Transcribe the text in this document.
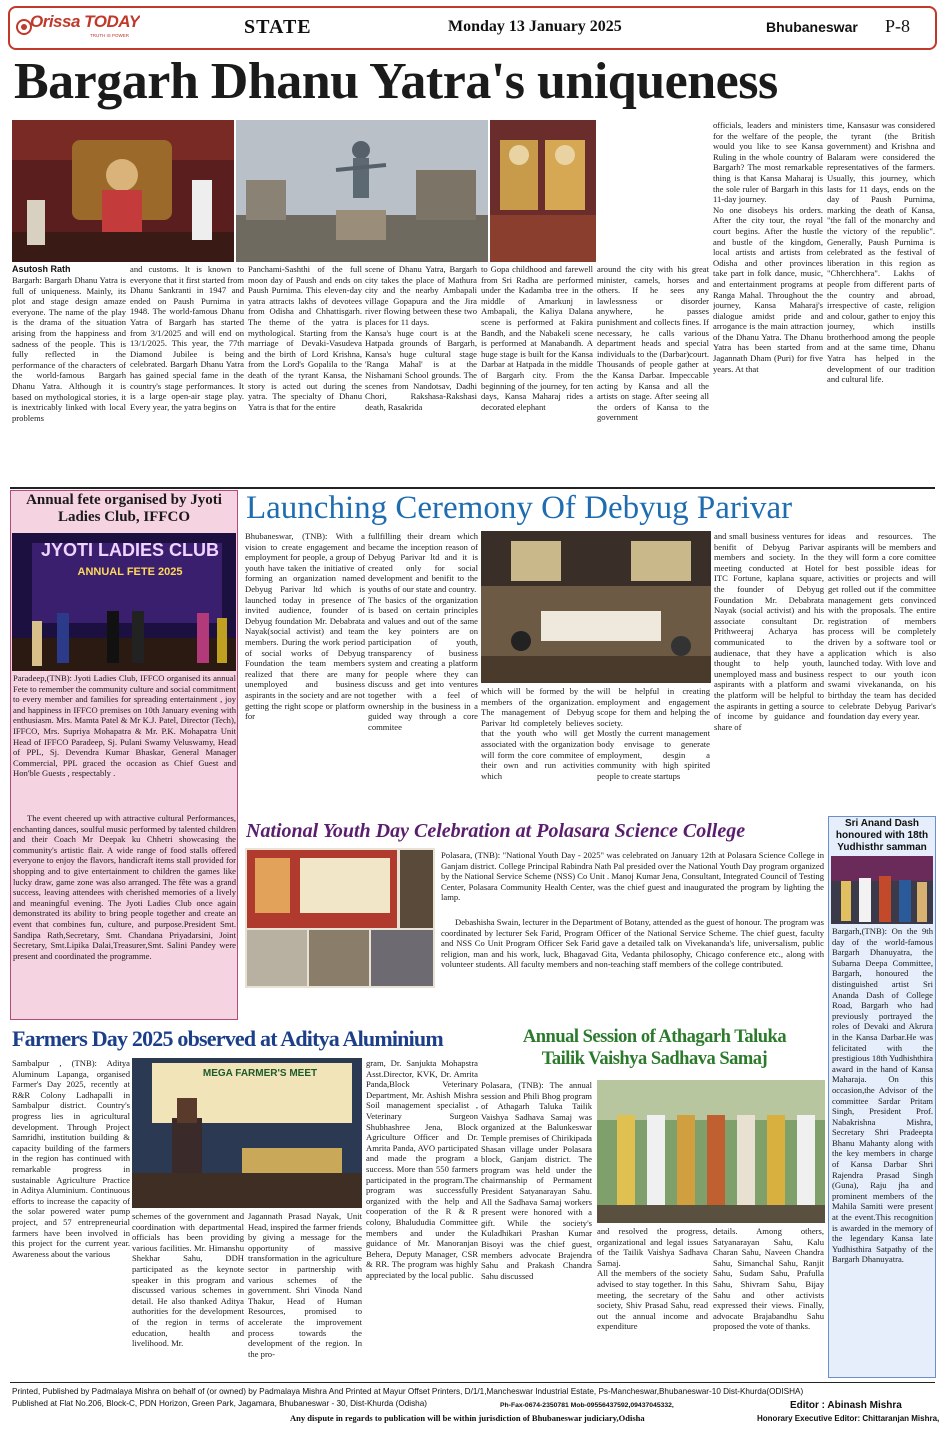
Orissa TODAY
TRUTH IS POWER	STATE	Monday 13 January 2025	Bhubaneswar P-8
Bargarh Dhanu Yatra's uniqueness
Asutosh Rath
Bargarh: Bargarh Dhanu Yatra is full of uniqueness. Mainly, its plot and stage design amaze everyone. The name of the play is the drama of the situation arising from the happiness and sadness of the people. This is fully reflected in the performance of the characters of the world-famous Bargarh Dhanu Yatra. Although it is based on mythological stories, it is inextricably linked with local problems
and customs. It is known to everyone that it first started from Dhanu Sankranti in 1947 and ended on Paush Purnima in 1948. The world-famous Dhanu Yatra of Bargarh has started from 3/1/2025 and will end on 13/1/2025. This year, the 77th Diamond Jubilee is being celebrated. Bargarh Dhanu Yatra has gained special fame in the country's stage performances. It is a large open-air stage play. Every year, the yatra begins on
Panchami-Sashthi of the full moon day of Paush and ends on Paush Purnima. This eleven-day yatra attracts lakhs of devotees from Odisha and Chhattisgarh. The theme of the yatra is mythological. Starting from the marriage of Devaki-Vasudeva and the birth of Lord Krishna, from the Lord's Gopalila to the death of the tyrant Kansa, the story is acted out during the yatra. The specialty of Dhanu Yatra is that for the entire
scene of Dhanu Yatra, Bargarh city takes the place of Mathura city and the nearby Ambapali village Gopapura and the Jira river flowing between these two places for 11 days.
Kansa's huge court is at the Hatpada grounds of Bargarh, Kansa's huge cultural stage 'Ranga Mahal' is at the Nishamani School grounds. The scenes from Nandotsav, Dadhi Chori, Rakshasa-Rakshasi death, Rasakrida
to Gopa childhood and farewell from Sri Radha are performed under the Kadamba tree in the middle of Amarkunj in Ambapali, the Kaliya Dalana scene is performed at Fakira Bandh, and the Nabakeli scene is performed at Manabandh. A huge stage is built for the Kansa Darbar at Hatpada in the middle of Bargarh city. From the beginning of the journey, for ten days, Kansa Maharaj rides a decorated elephant
around the city with his great minister, camels, horses and others. If he sees any lawlessness or disorder anywhere, he passes punishment and collects fines. If necessary, he calls various department heads and special individuals to the (Darbar)court. Thousands of people gather at the Kansa Darbar. Impeccable acting by Kansa and all the artists on stage. After seeing all the orders of Kansa to the government
officials, leaders and ministers for the welfare of the people, would you like to see Kansa Ruling in the whole country of Bargarh? The most remarkable thing is that Kansa Maharaj is the sole ruler of Bargarh in this 11-day journey.
No one disobeys his orders. After the city tour, the royal court begins. After the hustle and bustle of the kingdom, local artists and artists from Odisha and other provinces take part in folk dance, music, and entertainment programs at Ranga Mahal. Throughout the journey, Kansa Maharaj's dialogue amidst pride and arrogance is the main attraction of the Dhanu Yatra. The Dhanu Yatra has been started from Jagannath Dham (Puri) for five years. At that
time, Kansasur was considered the tyrant (the British government) and Krishna and Balaram were considered the representatives of the farmers. Usually, this journey, which lasts for 11 days, ends on the day of Paush Purnima, marking the death of Kansa, "the fall of the monarchy and the victory of the republic". Generally, Paush Purnima is celebrated as the festival of liberation in this region as "Chherchhera". Lakhs of people from different parts of the country and abroad, irrespective of caste, religion and colour, gather to enjoy this journey, which instills brotherhood among the people and at the same time, Dhanu Yatra has helped in the development of our tradition and cultural life.
Annual fete organised by Jyoti Ladies Club, IFFCO
JYOTI LADIES CLUB
ANNUAL FETE 2025
Paradeep,(TNB): Jyoti Ladies Club, IFFCO organised its annual Fete to remember the community culture and social commitment to every member and families for spreading entertainment , joy and happiness in IFFCO premises on 10th January evening with enthusiasm. Mrs. Mamta Patel & Mr K.J. Patel, Director (Tech), IFFCO, Mrs. Supriya Mohapatra & Mr. P.K. Mohapatra Unit Head of IFFCO Paradeep, Sj. Pulani Swamy Veluswamy, Head of PPL, Sj. Devendra Kumar Bhaskar, General Manager Commercial, PPL graced the occasion as Chief Guest and Hon'ble Guests , respectably .
The event cheered up with attractive cultural Performances, enchanting dances, soulful music performed by talented children and their Coach Mr Deepak ku Chhetri showcasing the community's artistic flair. A wide range of food stalls offered everyone to enjoy the flavors, handicraft items stall provided for shopping and to give entertainment to children the games like lucky draw, game zone was also arranged. The fête was a grand success, leaving attendees with cherished memories of a lively and meaningful evening. The Jyoti Ladies Club once again demonstrated its ability to bring people together and create an event that combines fun, culture, and purpose.President Smt. Sandipa Rath,Secretary, Smt. Chandana Priyadarsini, Joint Secretary, Smt.Lipika Dalai,Treasurer,Smt. Salini Pandey were present and coordinated the programme.
Launching Ceremony Of Debyug Parivar
Bhubaneswar, (TNB): With a vision to create engagement and employment for people, a group of youth have taken the initiative of forming an organization named Debyug Parivar ltd which is launched today in presence of invited audience, founder of Debyug foundation Mr. Debabrata Nayak(social activist) and team members. During the work period of social works of Debyug Foundation the team members realized that there are many unemployed and business aspirants in the society and are not getting the right scope or platform for
fullfilling their dream which became the inception reason of Debyug Parivar ltd and it is created only for social development and benifit to the youths of our state and country.
The basics of the organization is based on certain principles and values and out of the same the key pointers are on participation of youth, transparency of business system and creating a platform for people where they can discuss and get into ventures together with a feel of ownership in the business in a guided way through a core commitee
which will be formed by the members of the organization. The management of Debyug Parivar ltd completely believes that the youth who will get associated with the organization will form the core commitee of their own and run activities which
will be helpful in creating employment and engagement scope for them and helping the society.
Mostly the current management body envisage to generate employment, desgin a community with high spirited people to create startups
and small business ventures for benifit of Debyug Parivar members and society. In the meeting conducted at Hotel ITC Fortune, kaplana square, the founder of Debyug Foundation Mr. Debabrata Nayak (social activist) and his associate consultant Dr. Prithweeraj Acharya has communicated to the audienace, that they have a thought to help youth, unemployed mass and business aspirants with a platform and the platform will be helpful to the aspirants in getting a source of income by guidance and share of
ideas and resources. The aspirants will be members and they will form a core comittee for best possible ideas for activities or projects and will get rolled out if the committee management gets convinced with the proposals. The entire registration of members process will be completely driven by a software tool or application which is also launched today. With love and respect to our youth icon swami vivekananda, on his birthday the team has decided to celebrate Debyug Parivar's foundation day every year.
National Youth Day Celebration at Polasara Science College
Polasara, (TNB): "National Youth Day - 2025" was celebrated on January 12th at Polasara Science College in Ganjam district. College Principal Rabindra Nath Pal presided over the National Youth Day program organized by the National Service Scheme (NSS) Co Unit . Manoj Kumar Jena, Consultant, Integrated Council of Testing Center, Polasara Community Health Center, was the chief guest and inaugurated the program by lighting the lamp.
Debashisha Swain, lecturer in the Department of Botany, attended as the guest of honour. The program was coordinated by lecturer Sek Farid, Program Officer of the National Service Scheme. The chief guest, faculty and NSS Co Unit Program Officer Sek Farid gave a detailed talk on Vivekananda's life, universalism, public religion, man and his work, luck, Bhagavad Gita, Vedanta philosophy, Chicago conference etc., along with volunteer students. All faculty members and non-teaching staff members of the college contributed.
Sri Anand Dash honoured with 18th Yudhisthr samman
Bargarh,(TNB): On the 9th day of the world-famous Bargarh Dhanuyatra, the Subarna Deepa Committee, Bargarh, honoured the distinguished artist Sri Ananda Dash of College Road, Bargarh who had previously portrayed the roles of Devaki and Akrura in the Kansa Darbar.He was felicitated with the prestigious 18th Yudhishthira award in the hand of Kansa Maharaja. On this occasion,the Advisor of the committee Sardar Pritam Singh, President Prof. Nabakrishna Mishra, Secretary Shri Pradeepta Bhanu Mahanty along with the key members in charge of Kansa Darbar Shri Rajendra Prasad Singh (Guna), Raju jha and prominent members of the Mahila Samiti were present at the event.This recognition is awarded in the memory of the legendary Kansa late Yudhisthira Satpathy of the Bargarh Dhanuyatra.
Farmers Day 2025 observed at Aditya Aluminium
Sambalpur , (TNB): Aditya Aluminum Lapanga, organised Farmer's Day 2025, recently at R&R Colony Ladhapalli in Sambalpur district. Country's progress lies in agricultural development. Through Project Samridhi, institution building & capacity building of the farmers in the region has continued with remarkable progress in sustainable Agriculture Practice in Aditya Aluminium. Continuous efforts to increase the capacity of the solar powered water pump project, and 57 entrepreneurial farmers have been involved in this project for the current year. Awareness about the various
MEGA FARMER'S MEET
schemes of the government and coordination with departmental officials has been providing various facilities. Mr. Himanshu Shekhar Sahu, DDH participated as the keynote speaker in this program and discussed various schemes in detail. He also thanked Aditya authorities for the development of the region in terms of education, health and livelihood. Mr.
Jagannath Prasad Nayak, Unit Head, inspired the farmer friends by giving a message for the opportunity of massive transformation in the agriculture sector in partnership with various schemes of the government. Shri Vinoda Nand Thakur, Head of Human Resources, promised to accelerate the improvement process towards the development of the region. In the pro-
gram, Dr. Sanjukta Mohapstra Asst.Director, KVK, Dr. Amrita Panda,Block Veterinary Department, Mr. Ashish Mishra Soil management specialist , Veterinary Surgeon Shubhashree Jena, Block Agriculture Officer and Dr. Amrita Panda, AVO participated and made the program a success. More than 550 farmers participated in the program.The program was successfully organized with the help and cooperation of the R & R colony, Bhalududia Committee members and under the guidance of Mr. Manoranjan Behera, Deputy Manager, CSR & RR. The program was highly appreciated by the local public.
Annual Session of Athagarh Taluka
Tailik Vaishya Sadhava Samaj
Polasara, (TNB): The annual session and Phili Bhog program of Athagarh Taluka Tailik Vaishya Sadhava Samaj was organized at the Balunkeswar Temple premises of Chirikipada Shasan village under Polasara block, Ganjam district. The program was held under the chairmanship of Permament President Satyanarayan Sahu. All the Sadhava Samaj workers present were honored with a gift. While the society's Kuladhikari Prashan Kumar Bisoyi was the chief guest, members advocate Brajendra Sahu and Prakash Chandra Sahu discussed
and resolved the progress, organizational and legal issues of the Tailik Vaishya Sadhava Samaj.
All the members of the society advised to stay together. In this meeting, the secretary of the society, Shiv Prasad Sahu, read out the annual income and expenditure
details. Among others, Satyanarayan Sahu, Kalu Charan Sahu, Naveen Chandra Sahu, Simanchal Sahu, Ranjit Sahu, Sudam Sahu, Prafulla Sahu, Shivram Sahu, Bijay Sahu and other activists expressed their views. Finally, advocate Brajabandhu Sahu proposed the vote of thanks.
Printed, Published by Padmalaya Mishra on behalf of (or owned) by Padmalaya Mishra And Printed at Mayur Offset Printers, D/1/1,Mancheswar Industrial Estate, Ps-Mancheswar,Bhubaneswar-10 Dist-Khurda(ODISHA)
Published at Flat No.206, Block-C, PDN Horizon, Green Park, Jagamara, Bhubaneswar - 30, Dist-Khurda (Odisha)	Ph-Fax-0674-2350781 Mob-09556437592,09437045332,	Editor : Abinash Mishra
Any dispute in regards to publication will be within jurisdiction of Bhubaneswar judiciary,Odisha	Honorary Executive Editor: Chittaranjan Mishra,
